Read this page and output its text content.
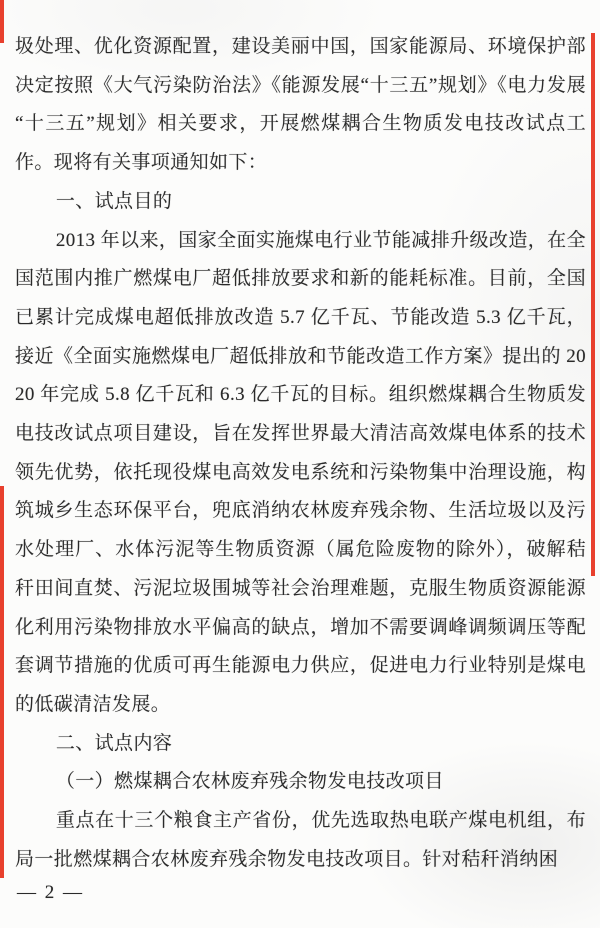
圾处理、优化资源配置，建设美丽中国，国家能源局、环境保护部决定按照《大气污染防治法》《能源发展“十三五”规划》《电力发展“十三五”规划》相关要求，开展燃煤耦合生物质发电技改试点工作。现将有关事项通知如下：

一、试点目的

2013 年以来，国家全面实施煤电行业节能减排升级改造，在全国范围内推广燃煤电厂超低排放要求和新的能耗标准。目前，全国已累计完成煤电超低排放改造 5.7 亿千瓦、节能改造 5.3 亿千瓦，接近《全面实施燃煤电厂超低排放和节能改造工作方案》提出的 2020 年完成 5.8 亿千瓦和 6.3 亿千瓦的目标。组织燃煤耦合生物质发电技改试点项目建设，旨在发挥世界最大清洁高效煤电体系的技术领先优势，依托现役煤电高效发电系统和污染物集中治理设施，构筑城乡生态环保平台，兜底消纳农林废弃残余物、生活垃圾以及污水处理厂、水体污泥等生物质资源（属危险废物的除外），破解秸秆田间直焚、污泥垃圾围城等社会治理难题，克服生物质资源能源化利用污染物排放水平偏高的缺点，增加不需要调峰调频调压等配套调节措施的优质可再生能源电力供应，促进电力行业特别是煤电的低碳清洁发展。

二、试点内容

（一）燃煤耦合农林废弃残余物发电技改项目

重点在十三个粮食主产省份，优先选取热电联产煤电机组，布局一批燃煤耦合农林废弃残余物发电技改项目。针对秸秆消纳困

— 2 —
